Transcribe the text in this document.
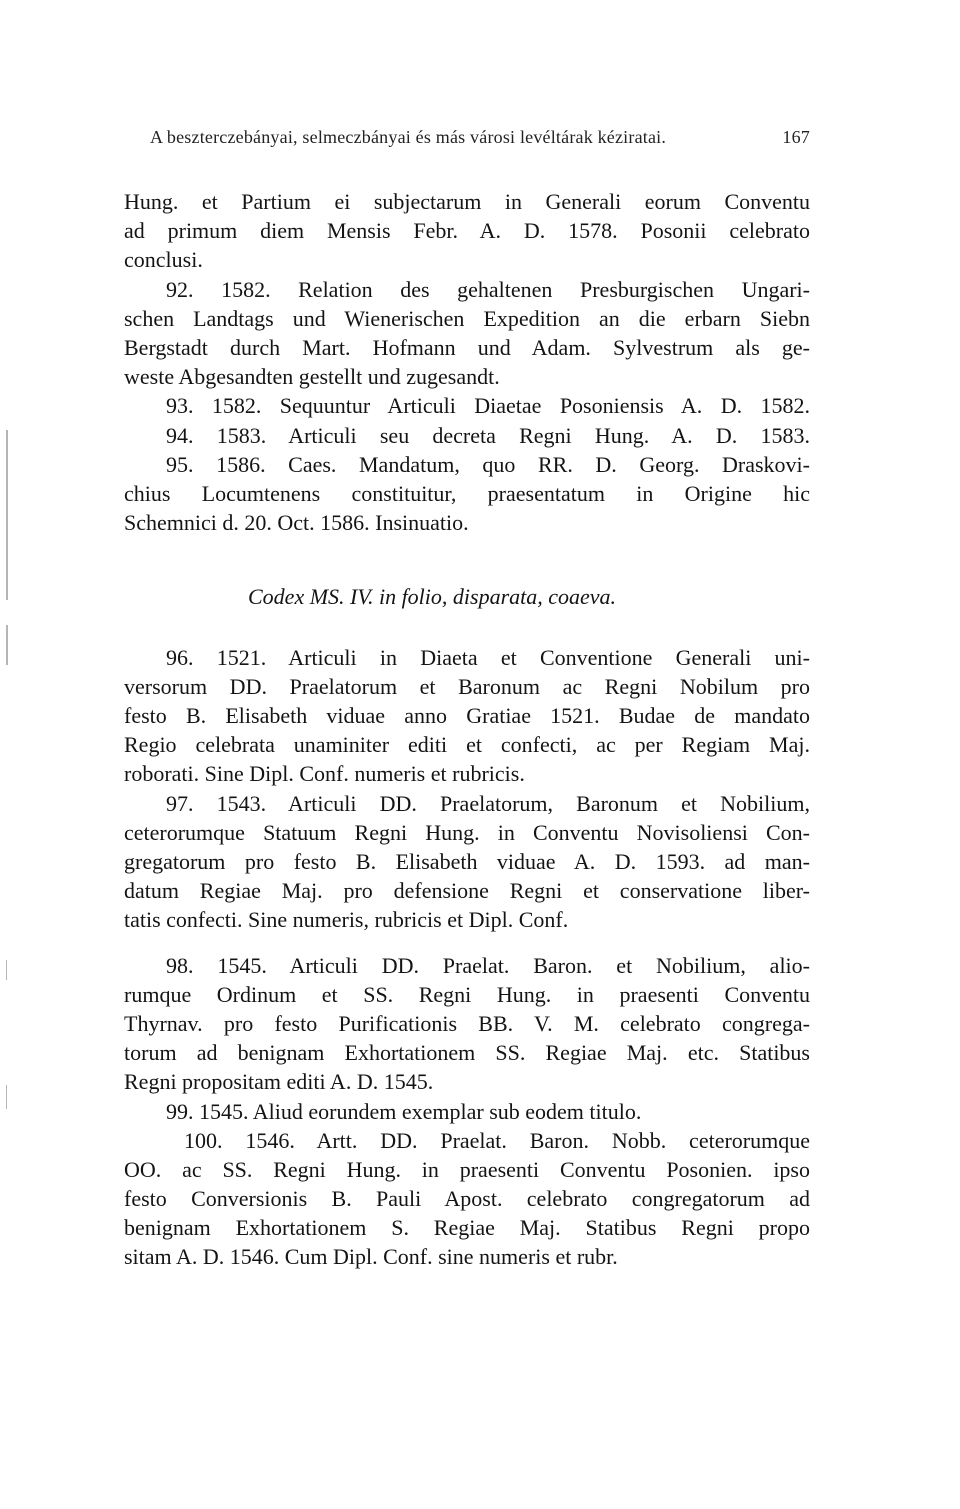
A beszterczebányai, selmeczbányai és más városi levéltárak kéziratai.	167
Hung. et Partium ei subjectarum in Generali eorum Conventu
ad primum diem Mensis Febr. A. D. 1578. Posonii celebrato
conclusi.
92. 1582. Relation des gehaltenen Presburgischen Ungari-
schen Landtags und Wienerischen Expedition an die erbarn Siebn
Bergstadt durch Mart. Hofmann und Adam. Sylvestrum als ge-
weste Abgesandten gestellt und zugesandt.
93. 1582. Sequuntur Articuli Diaetae Posoniensis A. D. 1582.
94. 1583. Articuli seu decreta Regni Hung. A. D. 1583.
95. 1586. Caes. Mandatum, quo RR. D. Georg. Draskovi-
chius Locumtenens constituitur, praesentatum in Origine hic
Schemnici d. 20. Oct. 1586. Insinuatio.
Codex MS. IV. in folio, disparata, coaeva.
96. 1521. Articuli in Diaeta et Conventione Generali uni-
versorum DD. Praelatorum et Baronum ac Regni Nobilum pro
festo B. Elisabeth viduae anno Gratiae 1521. Budae de mandato
Regio celebrata unaminiter editi et confecti, ac per Regiam Maj.
roborati. Sine Dipl. Conf. numeris et rubricis.
97. 1543. Articuli DD. Praelatorum, Baronum et Nobilium,
ceterorumque Statuum Regni Hung. in Conventu Novisoliensi Con-
gregatorum pro festo B. Elisabeth viduae A. D. 1593. ad man-
datum Regiae Maj. pro defensione Regni et conservatione liber-
tatis confecti. Sine numeris, rubricis et Dipl. Conf.
98. 1545. Articuli DD. Praelat. Baron. et Nobilium, alio-
rumque Ordinum et SS. Regni Hung. in praesenti Conventu
Thyrnav. pro festo Purificationis BB. V. M. celebrato congrega-
torum ad benignam Exhortationem SS. Regiae Maj. etc. Statibus
Regni propositam editi A. D. 1545.
99. 1545. Aliud eorundem exemplar sub eodem titulo.
100. 1546. Artt. DD. Praelat. Baron. Nobb. ceterorumque
OO. ac SS. Regni Hung. in praesenti Conventu Posonien. ipso
festo Conversionis B. Pauli Apost. celebrato congregatorum ad
benignam Exhortationem S. Regiae Maj. Statibus Regni propo
sitam A. D. 1546. Cum Dipl. Conf. sine numeris et rubr.
